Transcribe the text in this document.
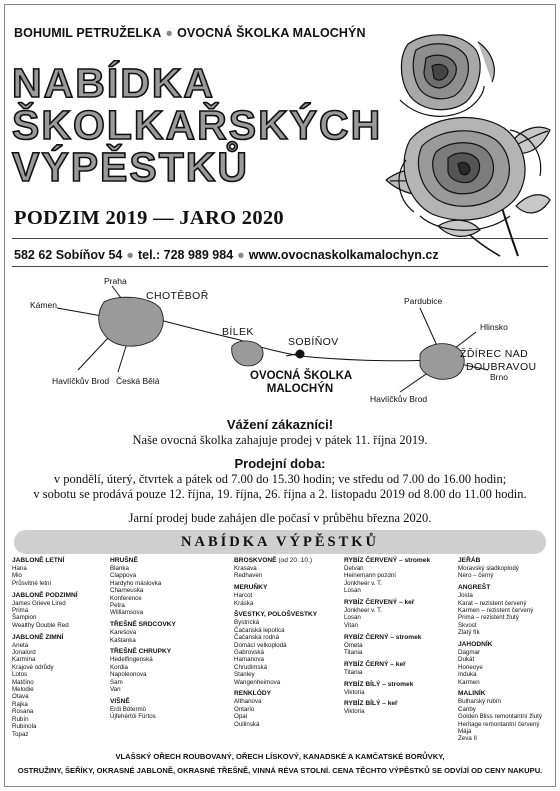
BOHUMIL PETRUŽELKA ● OVOCNÁ ŠKOLKA MALOCHÝN
NABÍDKA
ŠKOLKAŘSKÝCH
VÝPĚSTKŮ
PODZIM 2019 — JARO 2020
582 62 Sobíňov 54 ● tel.: 728 989 984 ● www.ovocnaskolkamalochyn.cz
Praha
Kámen
Havlíčkův Brod Česká Bělá
Pardubice
Hlinsko
Havlíčkův Brod
Brno
CHOTĚBOŘ
BÍLEK
SOBÍŇOV
ŽĎÍREC NAD
DOUBRAVOU
OVOCNÁ ŠKOLKA
MALOCHÝN
Vážení zákazníci!
Naše ovocná školka zahajuje prodej v pátek 11. října 2019.
Prodejní doba:
v pondělí, úterý, čtvrtek a pátek od 7.00 do 15.30 hodin; ve středu od 7.00 do 16.00 hodin;
v sobotu se prodává pouze 12. října, 19. října, 26. října a 2. listopadu 2019 od 8.00 do 11.00 hodin.
Jarní prodej bude zahájen dle počasí v průběhu března 2020.
NABÍDKA VÝPĚSTKŮ
JABLONĚ LETNÍ
Hana
Mio
Průsvitné letní
JABLONĚ PODZIMNÍ
James Grieve Lired
Prima
Šampion
Wealthy Double Red
JABLONĚ ZIMNÍ
Aneta
Jonalord
Karmína
Krajové odrůdy
Lotos
Matčino
Melodie
Otava
Rajka
Rosana
Rubín
Rubinola
Topaz
HRUŠNĚ
Blanka
Clappova
Hardyho máslovka
Charneuska
Konference
Petra
Williamsova
TŘEŠNĚ SRDCOVKY
Karešova
Kaštanka
TŘEŠNĚ CHRUPKY
Hedelfingenská
Kordia
Napoleonova
Sam
Van
VIŠNĚ
Erdi Bötermö
Újfehértói Fürtos
BROSKVONĚ (od 20. 10.)
Krasava
Redhaven
MERUŇKY
Harcot
Kráska
ŠVESTKY, POLOŠVESTKY
Bystrická
Čačanská lepotica
Čačanská rodná
Domácí velkoplodá
Gabrovská
Hamanova
Chrudimská
Stanley
Wangenheimova
RENKLÓDY
Althanova
Ontario
Opal
Oullinská
RYBÍZ ČERVENÝ – stromek
Detvan
Heinemann pozdní
Jonkheer v. T.
Losan
RYBÍZ ČERVENÝ – keř
Jonkheer v. T.
Losan
Vitan
RYBÍZ ČERNÝ – stromek
Ometa
Titania
RYBÍZ ČERNÝ – keř
Titania
RYBÍZ BÍLÝ – stromek
Viktoria
RYBÍZ BÍLÝ – keř
Viktoria
JEŘÁB
Moravský sladkoplodý
Nero – černý
ANGREŠT
Josta
Karat – rezistent červený
Karmen – rezistent červený
Prima – rezistent žlutý
Skvost
Zlatý fík
JAHODNÍK
Dagmar
Dukát
Honeoye
Induka
Karmen
MALINÍK
Bulharský rubín
Canby
Golden Bliss remontantní žlutý
Heritage remontantní červený
Mája
Zeva II
VLAŠSKÝ OŘECH ROUBOVANÝ, OŘECH LÍSKOVÝ, KANADSKÉ A KAMČATSKÉ BORŮVKY,
OSTRUŽINY, ŠEŘÍKY, OKRASNÉ JABLONĚ, OKRASNÉ TŘEŠNĚ, VINNÁ RÉVA STOLNÍ. CENA TĚCHTO VÝPĚSTKŮ SE ODVÍJÍ OD CENY NAKUPU.
